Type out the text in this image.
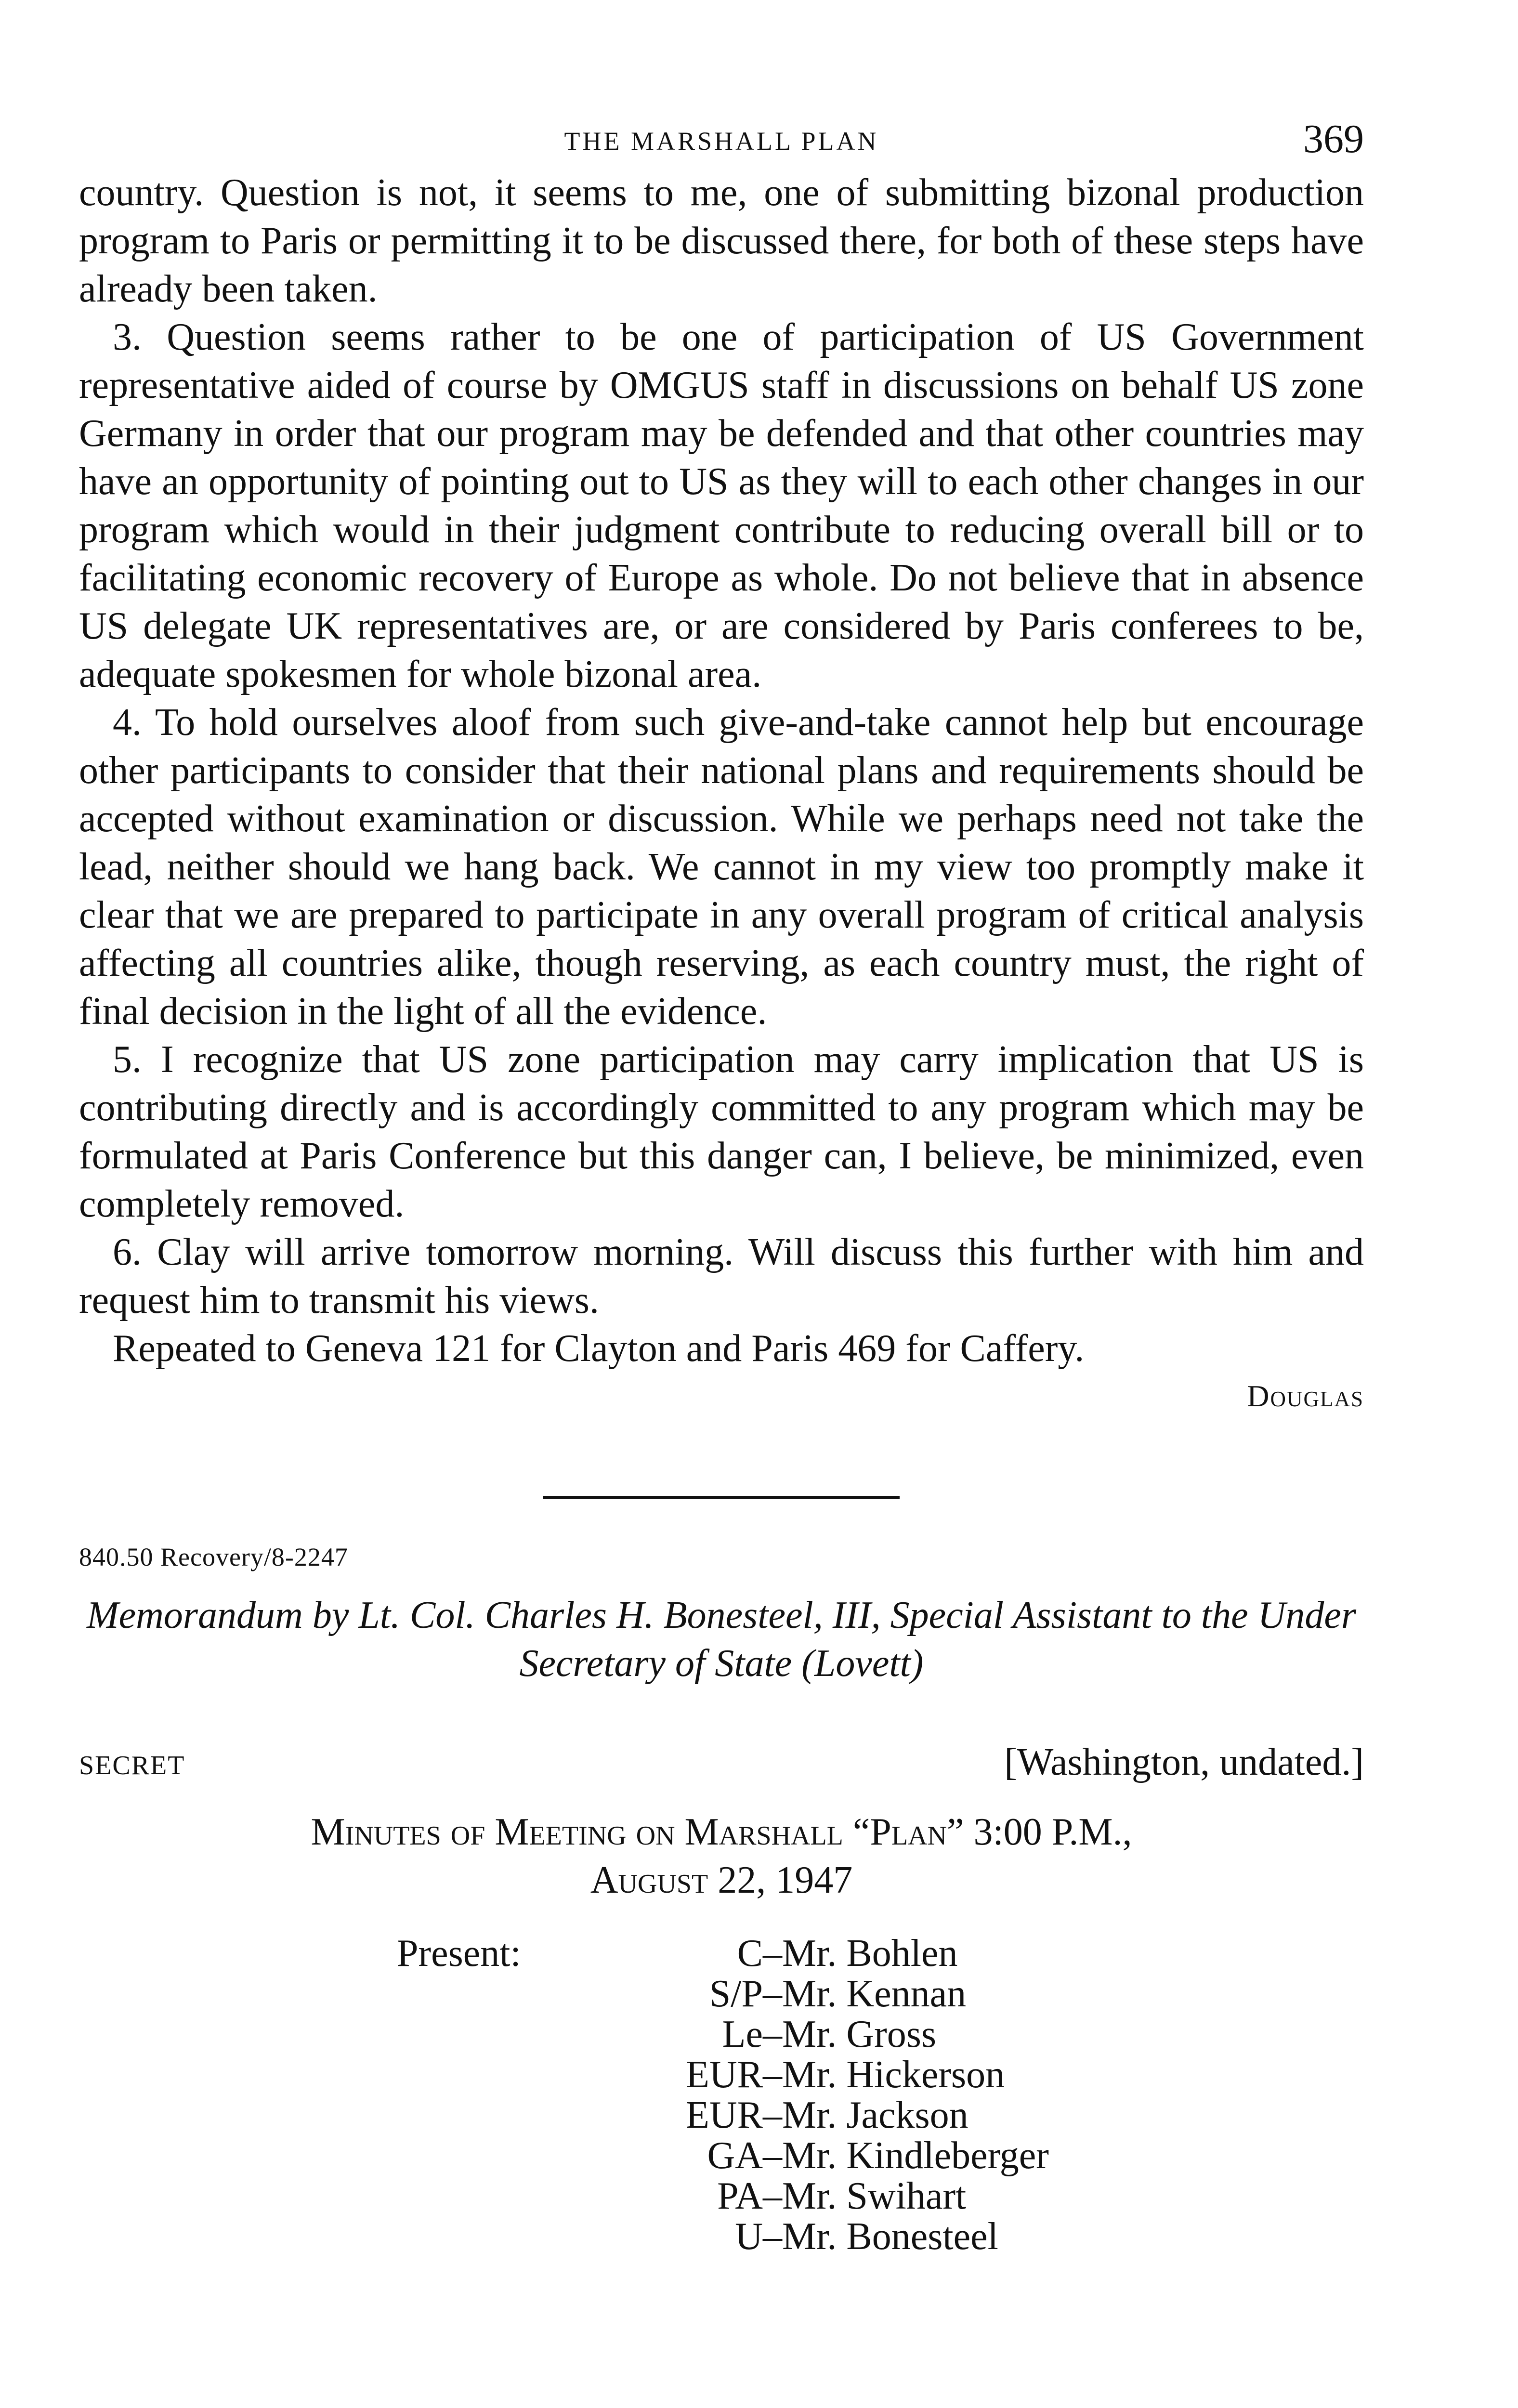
THE MARSHALL PLAN	369

country. Question is not, it seems to me, one of submitting bizonal production program to Paris or permitting it to be discussed there, for both of these steps have already been taken.

3. Question seems rather to be one of participation of US Government representative aided of course by OMGUS staff in discussions on behalf US zone Germany in order that our program may be defended and that other countries may have an opportunity of pointing out to US as they will to each other changes in our program which would in their judgment contribute to reducing overall bill or to facilitating economic recovery of Europe as whole. Do not believe that in absence US delegate UK representatives are, or are considered by Paris conferees to be, adequate spokesmen for whole bizonal area.

4. To hold ourselves aloof from such give-and-take cannot help but encourage other participants to consider that their national plans and requirements should be accepted without examination or discussion. While we perhaps need not take the lead, neither should we hang back. We cannot in my view too promptly make it clear that we are prepared to participate in any overall program of critical analysis affecting all countries alike, though reserving, as each country must, the right of final decision in the light of all the evidence.

5. I recognize that US zone participation may carry implication that US is contributing directly and is accordingly committed to any program which may be formulated at Paris Conference but this danger can, I believe, be minimized, even completely removed.

6. Clay will arrive tomorrow morning. Will discuss this further with him and request him to transmit his views.

Repeated to Geneva 121 for Clayton and Paris 469 for Caffery.

Douglas
840.50 Recovery/8-2247
Memorandum by Lt. Col. Charles H. Bonesteel, III, Special Assistant to the Under Secretary of State (Lovett)
SECRET	[Washington, undated.]
Minutes of Meeting on Marshall “Plan” 3:00 P.M.,
August 22, 1947
Present:	C–Mr. Bohlen
S/P–Mr. Kennan
Le–Mr. Gross
EUR–Mr. Hickerson
EUR–Mr. Jackson
GA–Mr. Kindleberger
PA–Mr. Swihart
U–Mr. Bonesteel
